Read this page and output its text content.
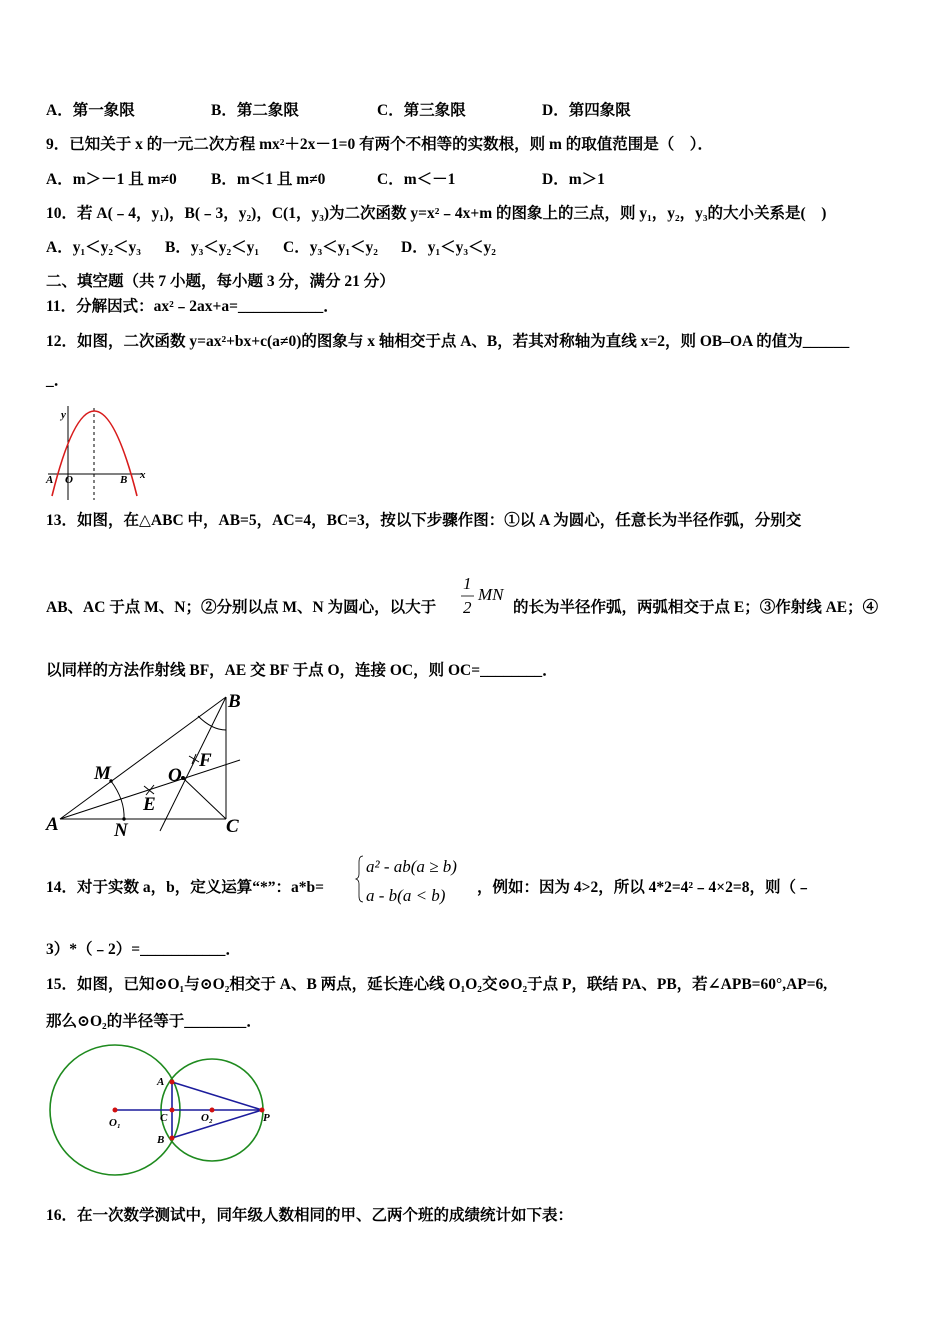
A．第一象限	B．第二象限	C．第三象限	D．第四象限
9．已知关于 x 的一元二次方程 mx²＋2x－1=0 有两个不相等的实数根，则 m 的取值范围是（　）．
A．m＞－1 且 m≠0 B．m＜1 且 m≠0	C．m＜－1	D．m＞1
10．若 A(﹣4，y₁)，B(﹣3，y₂)，C(1，y₃)为二次函数 y=x²﹣4x+m 的图象上的三点，则 y₁，y₂，y₃的大小关系是(　)
A．y₁＜y₂＜y₃ B．y₃＜y₂＜y₁ C．y₃＜y₁＜y₂ D．y₁＜y₃＜y₂
二、填空题（共 7 小题，每小题 3 分，满分 21 分）
11．分解因式：ax²﹣2ax+a=___________．
12．如图，二次函数 y=ax²+bx+c(a≠0)的图象与 x 轴相交于点 A、B，若其对称轴为直线 x=2，则 OB–OA 的值为______
_．
y
x
A O	B
A
B
C
M
N
E
F
O
A
B
C
O₁	O₂	P
13．如图，在△ABC 中，AB=5，AC=4，BC=3，按以下步骤作图：①以 A 为圆心，任意长为半径作弧，分别交
AB、AC 于点 M、N；②分别以点 M、N 为圆心，以大于
1
2
MN
的长为半径作弧，两弧相交于点 E；③作射线 AE；④
以同样的方法作射线 BF，AE 交 BF 于点 O，连接 OC，则 OC=________．
14．对于实数 a，b，定义运算“*”：a*b=
a² - ab(a ≥ b)
a - b(a < b) ，例如：因为 4>2，所以 4*2=4²﹣4×2=8，则（﹣
3）*（﹣2）=___________．
15．如图，已知⊙O₁与⊙O₂相交于 A、B 两点，延长连心线 O₁O₂交⊙O₂于点 P，联结 PA、PB，若∠APB=60°,AP=6,
那么⊙O₂的半径等于________．
16．在一次数学测试中，同年级人数相同的甲、乙两个班的成绩统计如下表：
